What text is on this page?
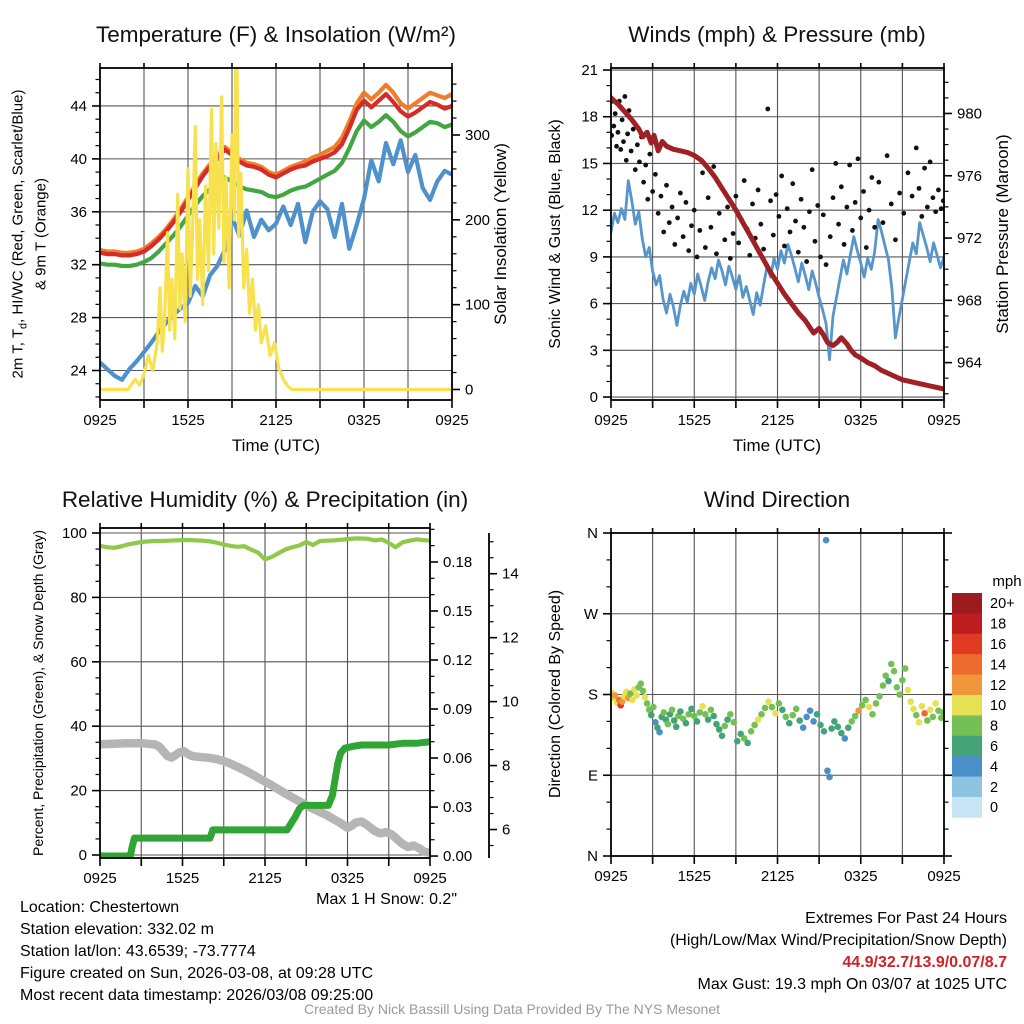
0925	1525	2125	0325	0925
24
28
32
36
40
44
0
100
200
300
0925	1525	2125	0325	0925
0
3
6
9
12
15
18
21
964
968
972
976
980
0925	1525	2125	0325	0925
0
20
40
60
80
100
0.00
0.03
0.06
0.09
0.12
0.15
0.18
6
8
10
12
14
0925	1525	2125	0325	0925
N
W
S
E
N
mph
20+
18
16
14
12
10
8
6
4
2
0
Temperature (F) & Insolation (W/m²)	Winds (mph) & Pressure (mb)
Relative Humidity (%) & Precipitation (in)	Wind Direction
2m T, $T_d$, HI/WC (Red, Green, Scarlet/Blue) & 9m T (Orange)	Solar Insolation (Yellow) Sonic Wind & Gust (Blue, Black)	Station Pressure (Maroon)
Percent, Precipitation (Green), & Snow Depth (Gray)	Direction (Colored By Speed)
Time (UTC)	Time (UTC)
Max 1 H Snow: 0.2"
Location: Chestertown
Station elevation: 332.02 m
Station lat/lon: 43.6539; -73.7774
Figure created on Sun, 2026-03-08, at 09:28 UTC
Most recent data timestamp: 2026/03/08 09:25:00
Extremes For Past 24 Hours
(High/Low/Max Wind/Precipitation/Snow Depth)
44.9/32.7/13.9/0.07/8.7
Max Gust: 19.3 mph On 03/07 at 1025 UTC
Created By Nick Bassill Using Data Provided By The NYS Mesonet
